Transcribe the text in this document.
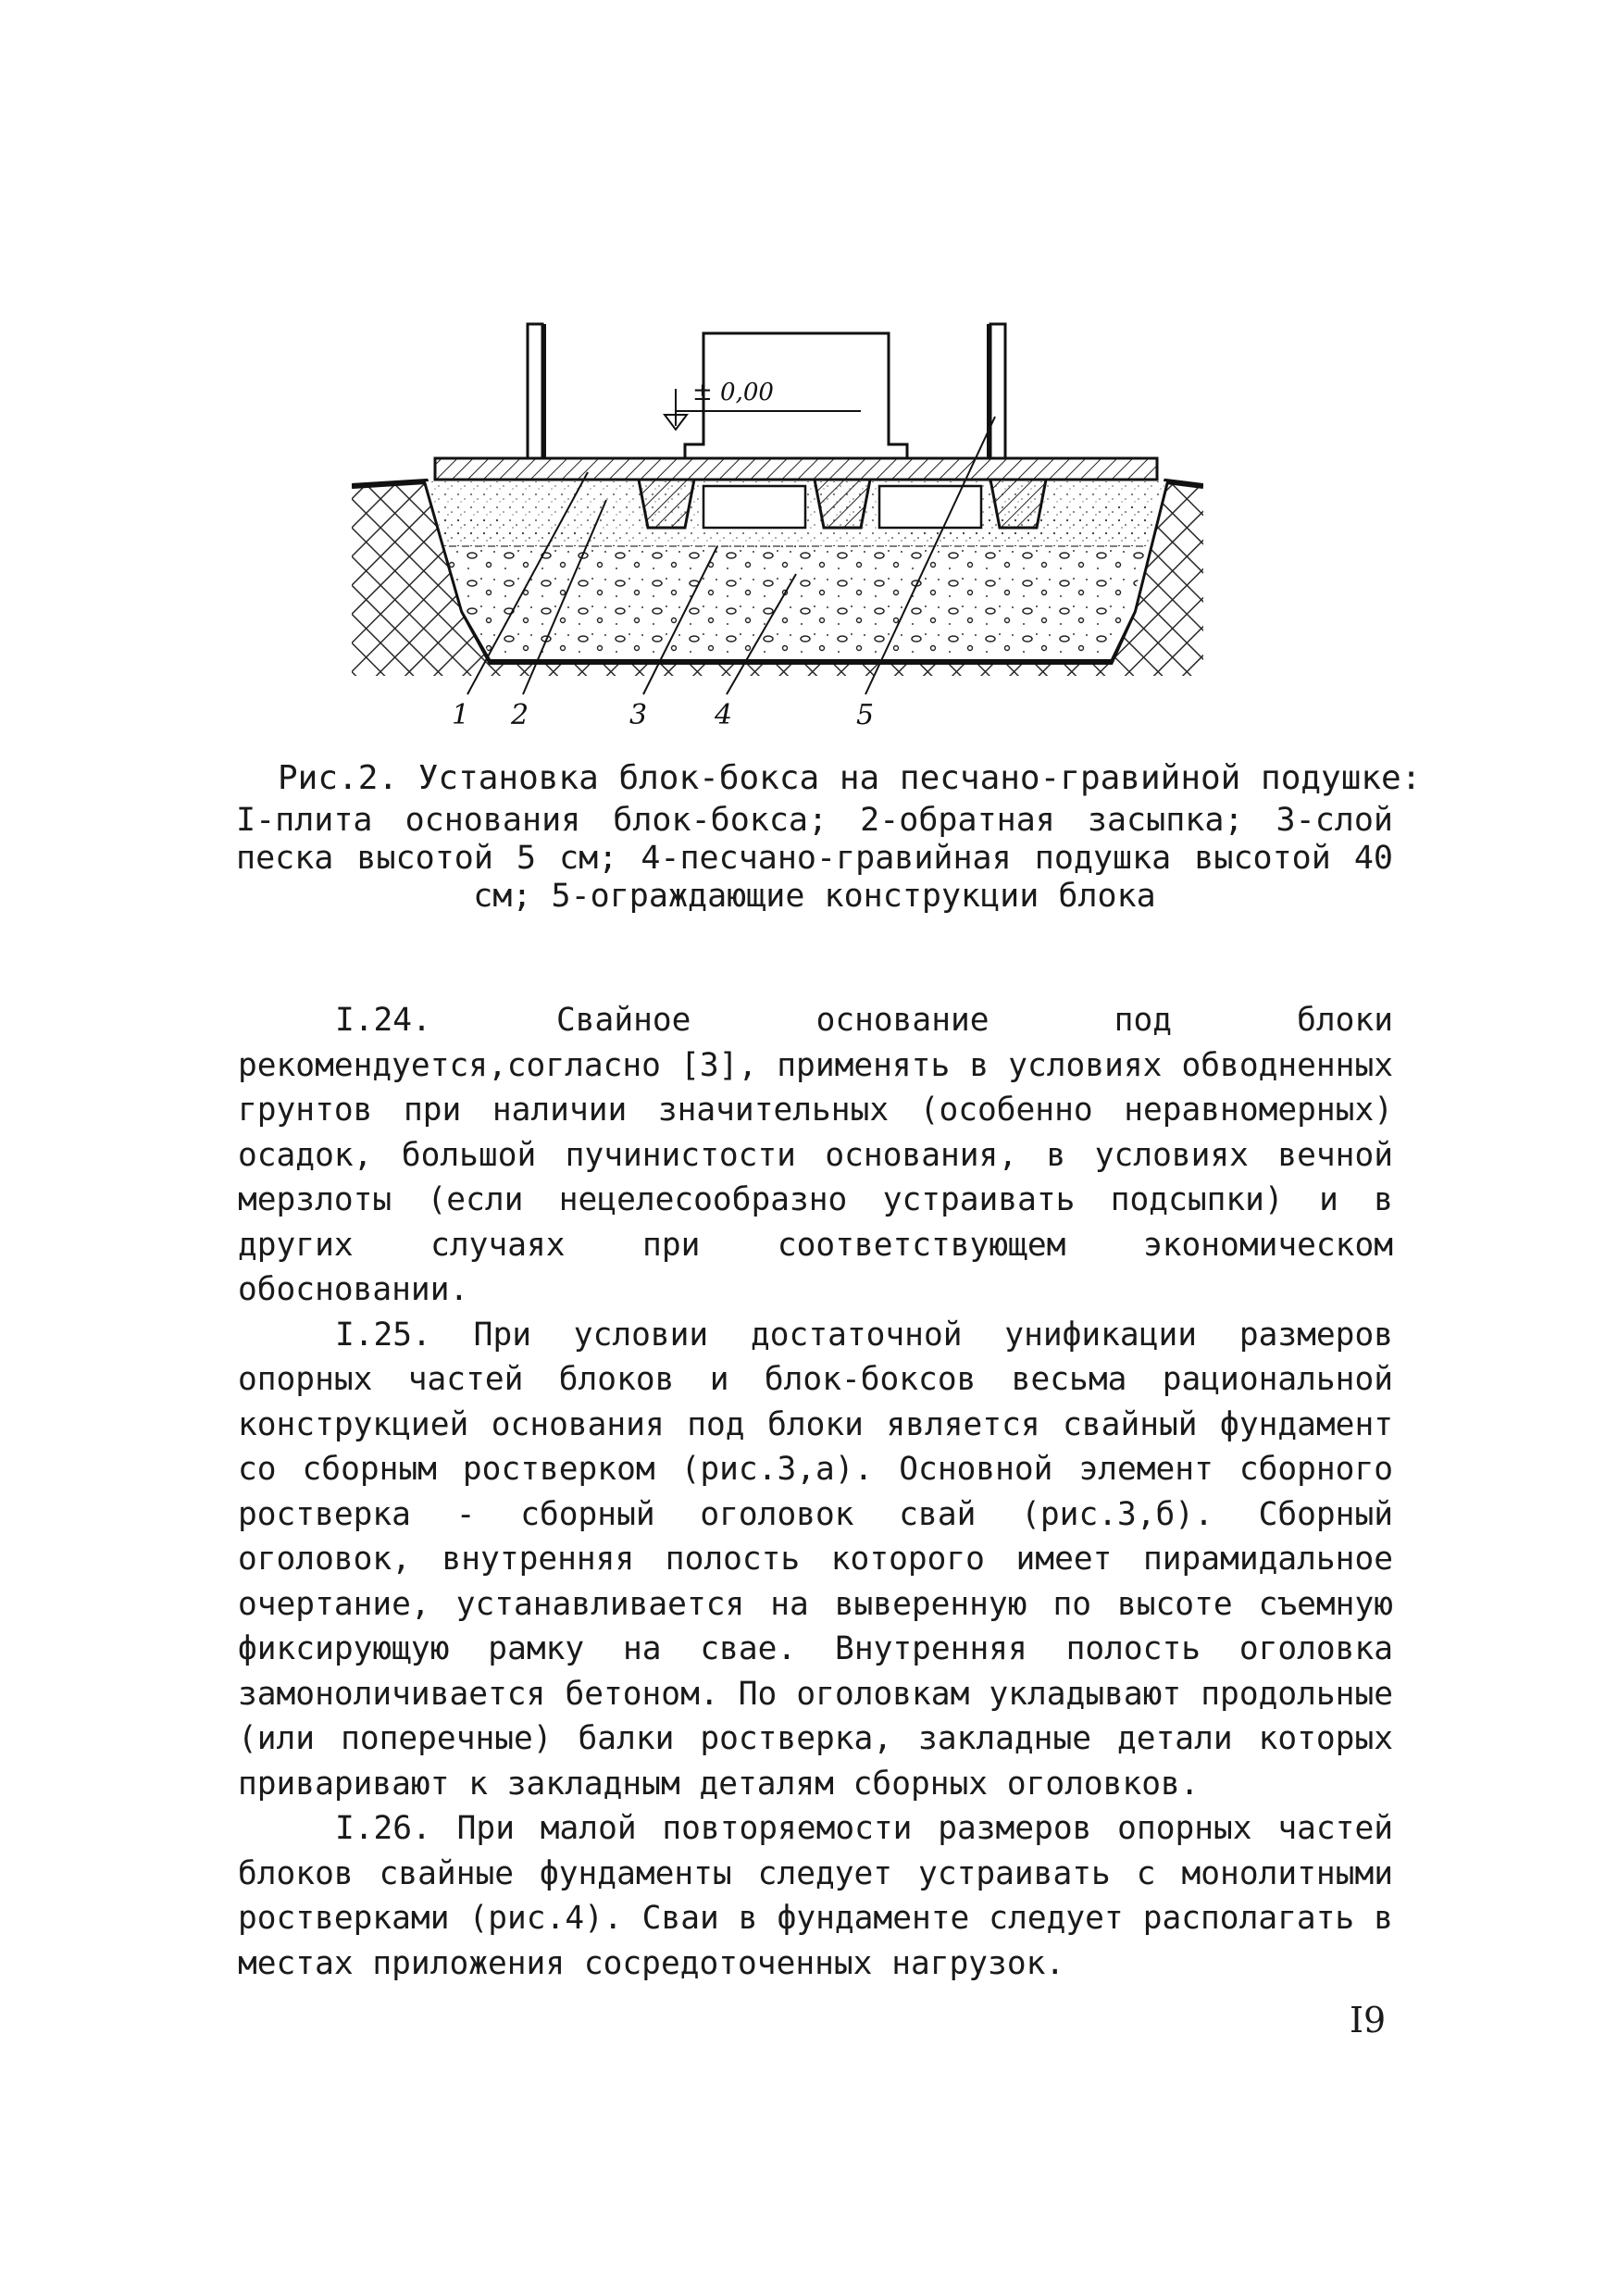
± 0,00
1 2	3 4	5
Рис.2. Установка блок-бокса на песчано-гравийной подушке:
I-плита основания блок-бокса; 2-обратная засыпка; 3-слой песка высотой 5 см; 4-песчано-гравийная подушка высотой 40 см; 5-ограждающие конструкции блока

I.24. Свайное основание под блоки рекомендуется,согласно [3], применять в условиях обводненных грунтов при наличии значительных (особенно неравномерных) осадок, большой пучинистости основания, в условиях вечной мерзлоты (если нецелесообразно устраивать подсыпки) и в других случаях при соответствующем экономическом обосновании.

I.25. При условии достаточной унификации размеров опорных частей блоков и блок-боксов весьма рациональной конструкцией основания под блоки является свайный фундамент со сборным ростверком (рис.3,а). Основной элемент сборного ростверка - сборный оголовок свай (рис.3,б). Сборный оголовок, внутренняя полость которого имеет пирамидальное очертание, устанавливается на выверенную по высоте съемную фиксирующую рамку на свае. Внутренняя полость оголовка замоноличивается бетоном. По оголовкам укладывают продольные (или поперечные) балки ростверка, закладные детали которых приваривают к закладным деталям сборных оголовков.

I.26. При малой повторяемости размеров опорных частей блоков свайные фундаменты следует устраивать с монолитными ростверками (рис.4). Сваи в фундаменте следует располагать в местах приложения сосредоточенных нагрузок.

I9
